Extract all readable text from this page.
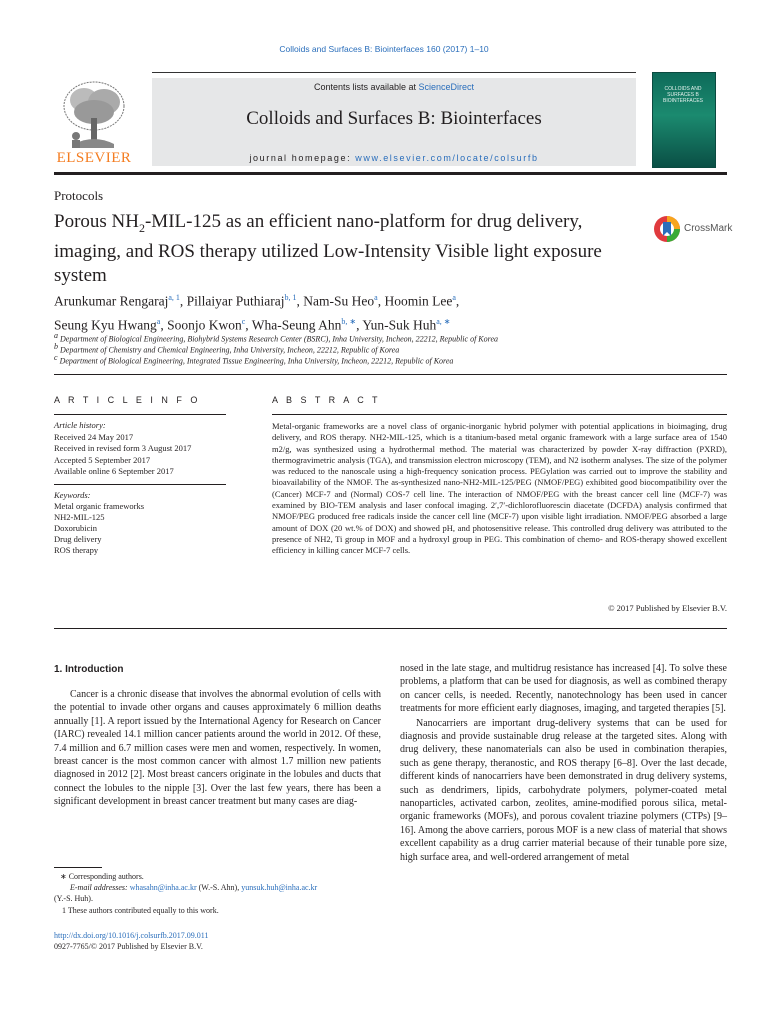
Colloids and Surfaces B: Biointerfaces 160 (2017) 1–10
Contents lists available at ScienceDirect
Colloids and Surfaces B: Biointerfaces
journal homepage: www.elsevier.com/locate/colsurfb
ELSEVIER
COLLOIDS AND SURFACES B BIOINTERFACES
Protocols
Porous $NH_2-MIL-125$ as an efficient nano-platform for drug delivery, imaging, and ROS therapy utilized Low-Intensity Visible light exposure system
CrossMark
Arunkumar Rengaraj$^{a, 1}$, Pillaiyar Puthiaraj$^{b, 1}$, Nam-Su Heo$^a$, Hoomin Lee$^a$,
Seung Kyu Hwang$^a$, Soonjo Kwon$^c$, Wha-Seung Ahn$^{b, ∗}$, Yun-Suk Huh$^{a, ∗}$
$^a$ Department of Biological Engineering, Biohybrid Systems Research Center (BSRC), Inha University, Incheon, 22212, Republic of Korea
$^b$ Department of Chemistry and Chemical Engineering, Inha University, Incheon, 22212, Republic of Korea
$^c$ Department of Biological Engineering, Integrated Tissue Engineering, Inha University, Incheon, 22212, Republic of Korea
A R T I C L E I N F O
Article history:
Received 24 May 2017
Received in revised form 3 August 2017
Accepted 5 September 2017
Available online 6 September 2017
Keywords:
Metal organic frameworks
NH2-MIL-125
Doxorubicin
Drug delivery
ROS therapy
A B S T R A C T
Metal-organic frameworks are a novel class of organic-inorganic hybrid polymer with potential applications in bioimaging, drug delivery, and ROS therapy. NH2-MIL-125, which is a titanium-based metal organic framework with a large surface area of 1540 m2/g, was synthesized using a hydrothermal method. The material was characterized by powder X-ray diffraction (PXRD), thermogravimetric analysis (TGA), and transmission electron microscopy (TEM), and N2 isotherm analyses. The size of the polymer was reduced to the nanoscale using a high-frequency sonication process. PEGylation was carried out to improve the stability and bioavailability of the NMOF. The as-synthesized nano-NH2-MIL-125/PEG (NMOF/PEG) exhibited good biocompatibility over the (Cancer) MCF-7 and (Normal) COS-7 cell line. The interaction of NMOF/PEG with the breast cancer cell line (MCF-7) was examined by BIO-TEM analysis and laser confocal imaging. 2′,7′-dichlorofluorescin diacetate (DCFDA) analysis confirmed that NMOF/PEG produced free radicals inside the cancer cell line (MCF-7) upon visible light irradiation. NMOF/PEG absorbed a large amount of DOX (20 wt.% of DOX) and showed pH, and photosensitive release. This controlled drug delivery was attributed to the presence of NH2, Ti group in MOF and a hydroxyl group in PEG. This combination of chemo- and ROS-therapy showed excellent efficiency in killing cancer MCF-7 cells.
© 2017 Published by Elsevier B.V.
1. Introduction

Cancer is a chronic disease that involves the abnormal evolution of cells with the potential to invade other organs and causes approximately 6 million deaths annually [1]. A report issued by the International Agency for Research on Cancer (IARC) revealed 14.1 million cancer patients around the world in 2012. Of these, 7.4 million and 6.7 million cases were men and women, respectively. In women, breast cancer is the most common cancer with almost 1.7 million new patients diagnosed in 2012 [2]. Most breast cancers originate in the lobules and ducts that connect the lobules to the nipple [3]. Over the last few years, there has been a significant development in breast cancer treatment but many cases are diag-

nosed in the late stage, and multidrug resistance has increased [4]. To solve these problems, a platform that can be used for diagnosis, as well as combined therapy on cancer cells, is needed. Recently, nanotechnology has been used in cancer treatments for more efficient early diagnoses, imaging, and targeted therapies [5].

Nanocarriers are important drug-delivery systems that can be used for diagnosis and provide sustainable drug release at the targeted sites. Along with drug delivery, these nanomaterials can also be used in combination therapies, such as gene therapy, theranostic, and ROS therapy [6–8]. Over the last decade, different kinds of nanocarriers have been demonstrated in drug delivery systems, such as dendrimers, lipids, carbohydrate polymers, polymer-coated metal nanoparticles, activated carbon, zeolites, amine-modified porous silica, metal-organic frameworks (MOFs), and porous covalent triazine polymers (CTPs) [9–16]. Among the above carriers, porous MOF is a new class of material that shows excellent capability as a drug carrier material because of their tunable pore size, high surface area, and well-ordered arrangement of metal

∗ Corresponding authors.
E-mail addresses: whasahn@inha.ac.kr (W.-S. Ahn), yunsuk.huh@inha.ac.kr
(Y.-S. Huh).
1 These authors contributed equally to this work.
http://dx.doi.org/10.1016/j.colsurfb.2017.09.011
0927-7765/© 2017 Published by Elsevier B.V.
